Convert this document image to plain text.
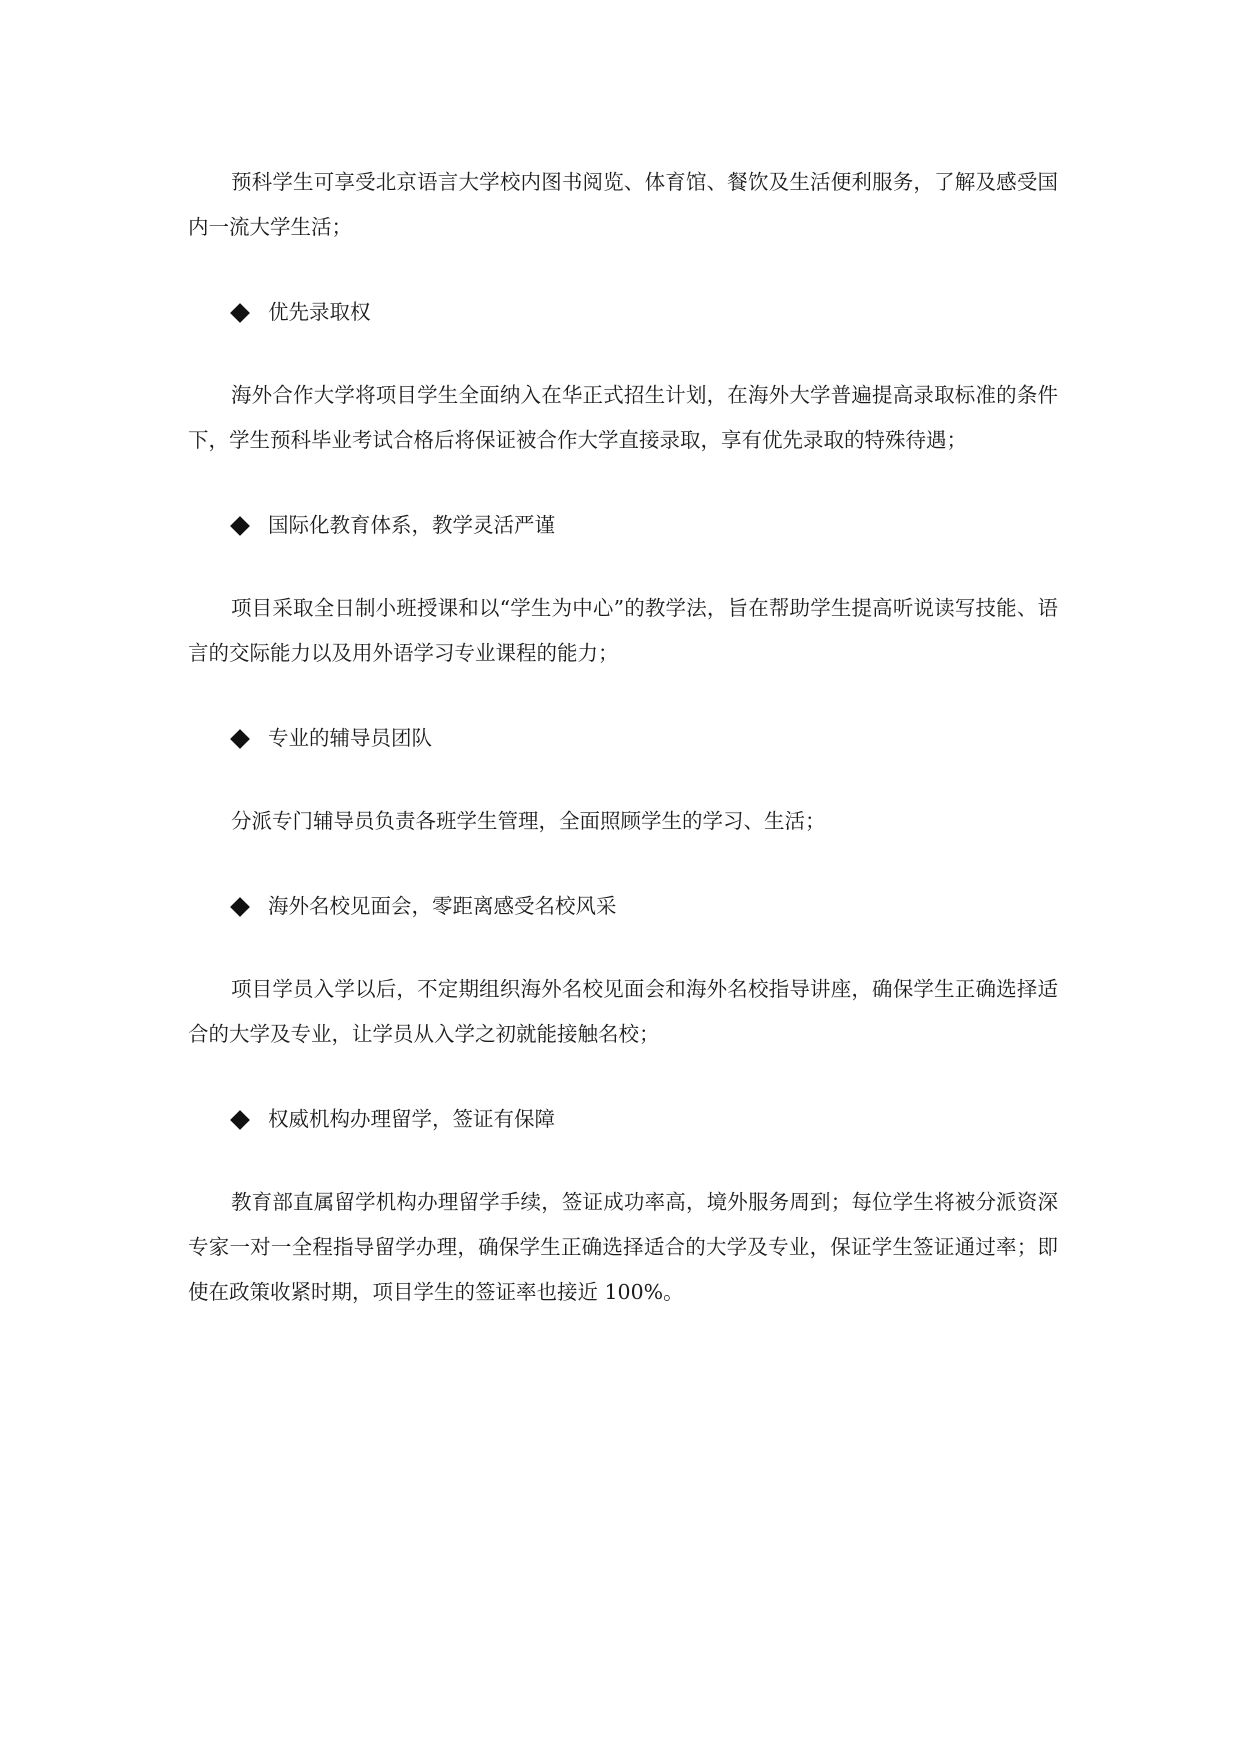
预科学生可享受北京语言大学校内图书阅览、体育馆、餐饮及生活便利服务，了解及感受国内一流大学生活；

优先录取权

海外合作大学将项目学生全面纳入在华正式招生计划，在海外大学普遍提高录取标准的条件下，学生预科毕业考试合格后将保证被合作大学直接录取，享有优先录取的特殊待遇；

国际化教育体系，教学灵活严谨

项目采取全日制小班授课和以“学生为中心”的教学法，旨在帮助学生提高听说读写技能、语言的交际能力以及用外语学习专业课程的能力；

专业的辅导员团队

分派专门辅导员负责各班学生管理，全面照顾学生的学习、生活；

海外名校见面会，零距离感受名校风采

项目学员入学以后，不定期组织海外名校见面会和海外名校指导讲座，确保学生正确选择适合的大学及专业，让学员从入学之初就能接触名校；

权威机构办理留学，签证有保障

教育部直属留学机构办理留学手续，签证成功率高，境外服务周到；每位学生将被分派资深专家一对一全程指导留学办理，确保学生正确选择适合的大学及专业，保证学生签证通过率；即使在政策收紧时期，项目学生的签证率也接近 100%。
